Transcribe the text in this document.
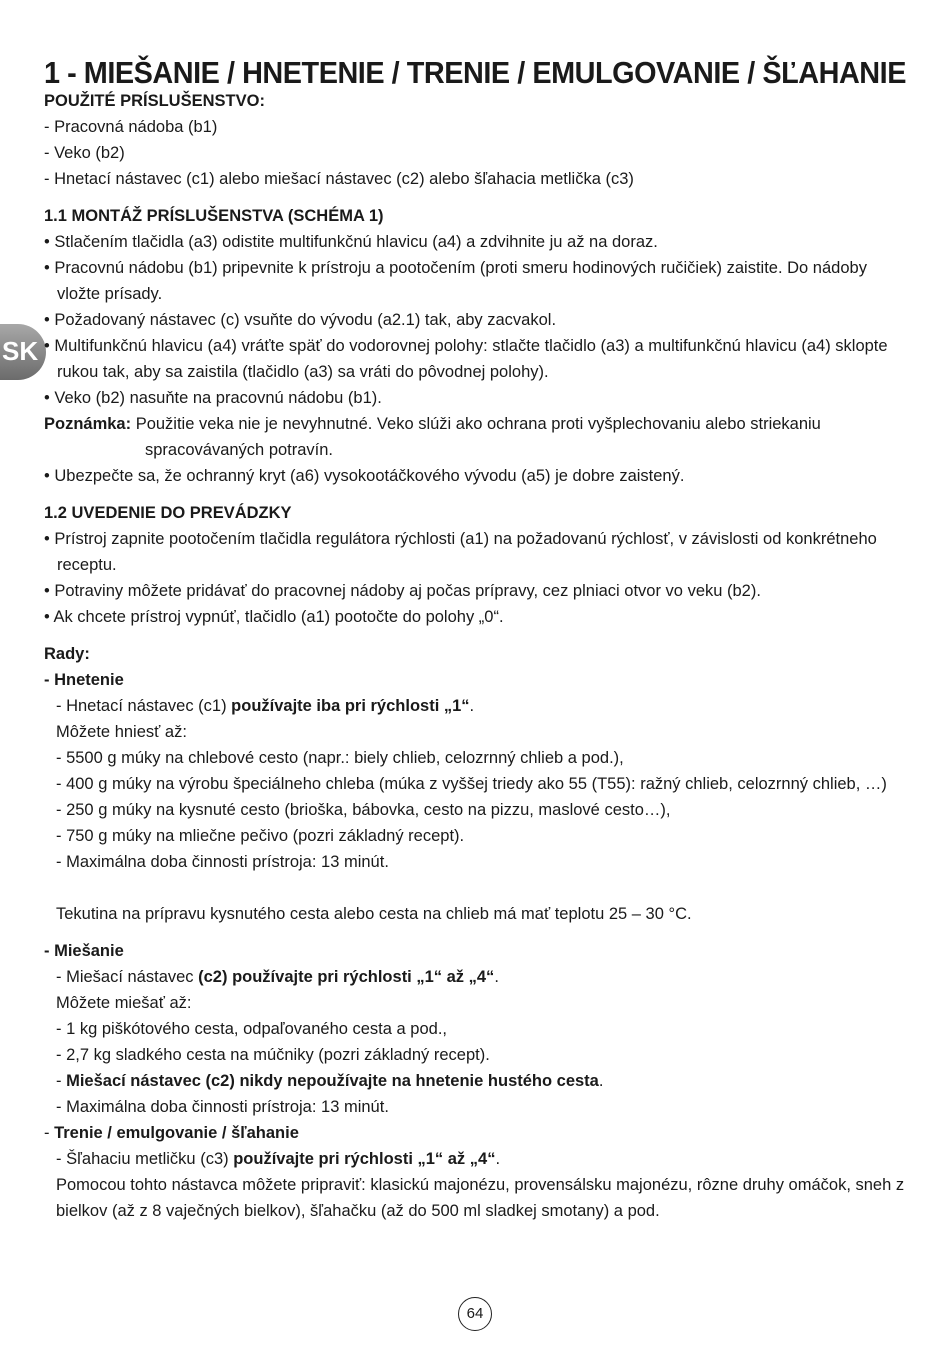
SK
1 - MIEŠANIE / HNETENIE / TRENIE / EMULGOVANIE / ŠĽAHANIE

POUŽITÉ PRÍSLUŠENSTVO:

- Pracovná nádoba (b1)

- Veko (b2)

- Hnetací nástavec (c1) alebo miešací nástavec (c2) alebo šľahacia metlička (c3)

1.1 MONTÁŽ PRÍSLUŠENSTVA (SCHÉMA 1)

• Stlačením tlačidla (a3) odistite multifunkčnú hlavicu (a4) a zdvihnite ju až na doraz.

• Pracovnú nádobu (b1) pripevnite k prístroju a pootočením (proti smeru hodinových ručičiek) zaistite. Do nádoby vložte prísady.

• Požadovaný nástavec (c) vsuňte do vývodu (a2.1) tak, aby zacvakol.

• Multifunkčnú hlavicu (a4) vráťte späť do vodorovnej polohy: stlačte tlačidlo (a3) a multifunkčnú hlavicu (a4) sklopte rukou tak, aby sa zaistila (tlačidlo (a3) sa vráti do pôvodnej polohy).

• Veko (b2) nasuňte na pracovnú nádobu (b1).

Poznámka: Použitie veka nie je nevyhnutné. Veko slúži ako ochrana proti vyšplechovaniu alebo striekaniu spracovávaných potravín.

• Ubezpečte sa, že ochranný kryt (a6) vysokootáčkového vývodu (a5) je dobre zaistený.

1.2 UVEDENIE DO PREVÁDZKY

• Prístroj zapnite pootočením tlačidla regulátora rýchlosti (a1) na požadovanú rýchlosť, v závislosti od konkrétneho receptu.

• Potraviny môžete pridávať do pracovnej nádoby aj počas prípravy, cez plniaci otvor vo veku (b2).

• Ak chcete prístroj vypnúť, tlačidlo (a1) pootočte do polohy „0“.

Rady:

- Hnetenie

- Hnetací nástavec (c1) používajte iba pri rýchlosti „1“.

Môžete hniesť až:

- 5500 g múky na chlebové cesto (napr.: biely chlieb, celozrnný chlieb a pod.),

- 400 g múky na výrobu špeciálneho chleba (múka z vyššej triedy ako 55 (T55): ražný chlieb, celozrnný chlieb, …)

- 250 g múky na kysnuté cesto (brioška, bábovka, cesto na pizzu, maslové cesto…),

- 750 g múky na mliečne pečivo (pozri základný recept).

- Maximálna doba činnosti prístroja: 13 minút.

Tekutina na prípravu kysnutého cesta alebo cesta na chlieb má mať teplotu 25 – 30 °C.

- Miešanie

- Miešací nástavec (c2) používajte pri rýchlosti „1“ až „4“.

Môžete miešať až:

- 1 kg piškótového cesta, odpaľovaného cesta a pod.,

- 2,7 kg sladkého cesta na múčniky (pozri základný recept).

- Miešací nástavec (c2) nikdy nepoužívajte na hnetenie hustého cesta.

- Maximálna doba činnosti prístroja: 13 minút.

- Trenie / emulgovanie / šľahanie

- Šľahaciu metličku (c3) používajte pri rýchlosti „1“ až „4“.

Pomocou tohto nástavca môžete pripraviť: klasickú majonézu, provensálsku majonézu, rôzne druhy omáčok, sneh z bielkov (až z 8 vaječných bielkov), šľahačku (až do 500 ml sladkej smotany) a pod.

64
